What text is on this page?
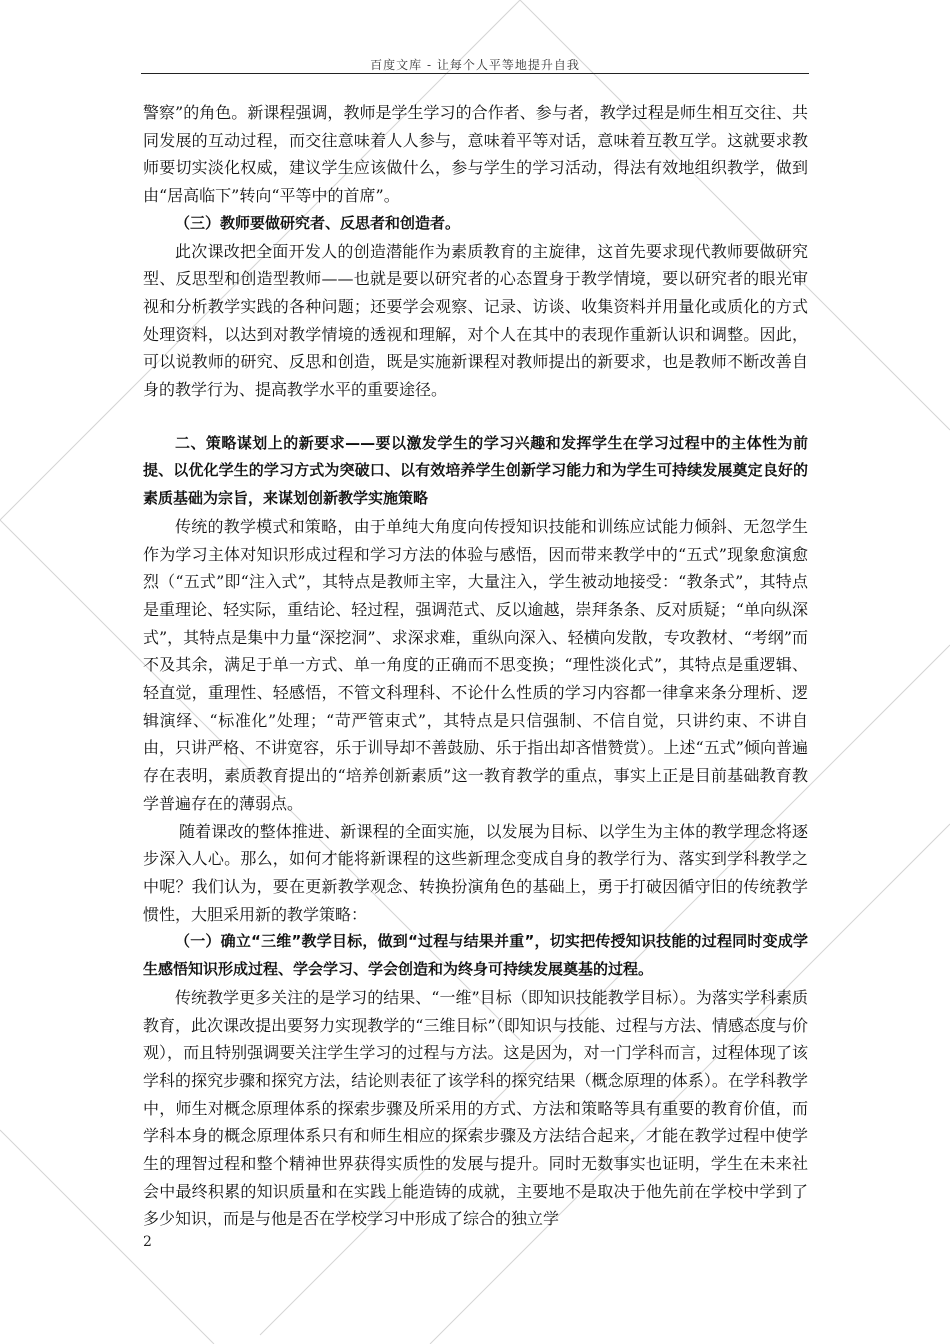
百度文库 - 让每个人平等地提升自我

警察”的角色。新课程强调，教师是学生学习的合作者、参与者，教学过程是师生相互交往、共同发展的互动过程，而交往意味着人人参与，意味着平等对话，意味着互教互学。这就要求教师要切实淡化权威，建议学生应该做什么，参与学生的学习活动，得法有效地组织教学，做到由“居高临下”转向“平等中的首席”。

（三）教师要做研究者、反思者和创造者。

此次课改把全面开发人的创造潜能作为素质教育的主旋律，这首先要求现代教师要做研究型、反思型和创造型教师——也就是要以研究者的心态置身于教学情境，要以研究者的眼光审视和分析教学实践的各种问题；还要学会观察、记录、访谈、收集资料并用量化或质化的方式处理资料，以达到对教学情境的透视和理解，对个人在其中的表现作重新认识和调整。因此，可以说教师的研究、反思和创造，既是实施新课程对教师提出的新要求，也是教师不断改善自身的教学行为、提高教学水平的重要途径。

二、策略谋划上的新要求——要以激发学生的学习兴趣和发挥学生在学习过程中的主体性为前提、以优化学生的学习方式为突破口、以有效培养学生创新学习能力和为学生可持续发展奠定良好的素质基础为宗旨，来谋划创新教学实施策略

传统的教学模式和策略，由于单纯大角度向传授知识技能和训练应试能力倾斜、无忽学生作为学习主体对知识形成过程和学习方法的体验与感悟，因而带来教学中的“五式”现象愈演愈烈（“五式”即“注入式”，其特点是教师主宰，大量注入，学生被动地接受：“教条式”，其特点是重理论、轻实际，重结论、轻过程，强调范式、反以逾越，崇拜条条、反对质疑；“单向纵深式”，其特点是集中力量“深挖洞”、求深求难，重纵向深入、轻横向发散，专攻教材、“考纲”而不及其余，满足于单一方式、单一角度的正确而不思变换；“理性淡化式”，其特点是重逻辑、轻直觉，重理性、轻感悟，不管文科理科、不论什么性质的学习内容都一律拿来条分理析、逻辑演绎、“标准化”处理；“苛严管束式”，其特点是只信强制、不信自觉，只讲约束、不讲自由，只讲严格、不讲宽容，乐于训导却不善鼓励、乐于指出却吝惜赞赏）。上述“五式”倾向普遍存在表明，素质教育提出的“培养创新素质”这一教育教学的重点，事实上正是目前基础教育教学普遍存在的薄弱点。

随着课改的整体推进、新课程的全面实施，以发展为目标、以学生为主体的教学理念将逐步深入人心。那么，如何才能将新课程的这些新理念变成自身的教学行为、落实到学科教学之中呢？我们认为，要在更新教学观念、转换扮演角色的基础上，勇于打破因循守旧的传统教学惯性，大胆采用新的教学策略：

（一）确立“三维”教学目标，做到“过程与结果并重”，切实把传授知识技能的过程同时变成学生感悟知识形成过程、学会学习、学会创造和为终身可持续发展奠基的过程。

传统教学更多关注的是学习的结果、“一维”目标（即知识技能教学目标）。为落实学科素质教育，此次课改提出要努力实现教学的“三维目标”（即知识与技能、过程与方法、情感态度与价观），而且特别强调要关注学生学习的过程与方法。这是因为，对一门学科而言，过程体现了该学科的探究步骤和探究方法，结论则表征了该学科的探究结果（概念原理的体系）。在学科教学中，师生对概念原理体系的探索步骤及所采用的方式、方法和策略等具有重要的教育价值，而学科本身的概念原理体系只有和师生相应的探索步骤及方法结合起来，才能在教学过程中使学生的理智过程和整个精神世界获得实质性的发展与提升。同时无数事实也证明，学生在未来社会中最终积累的知识质量和在实践上能造铸的成就，主要地不是取决于他先前在学校中学到了多少知识，而是与他是否在学校学习中形成了综合的独立学

2
